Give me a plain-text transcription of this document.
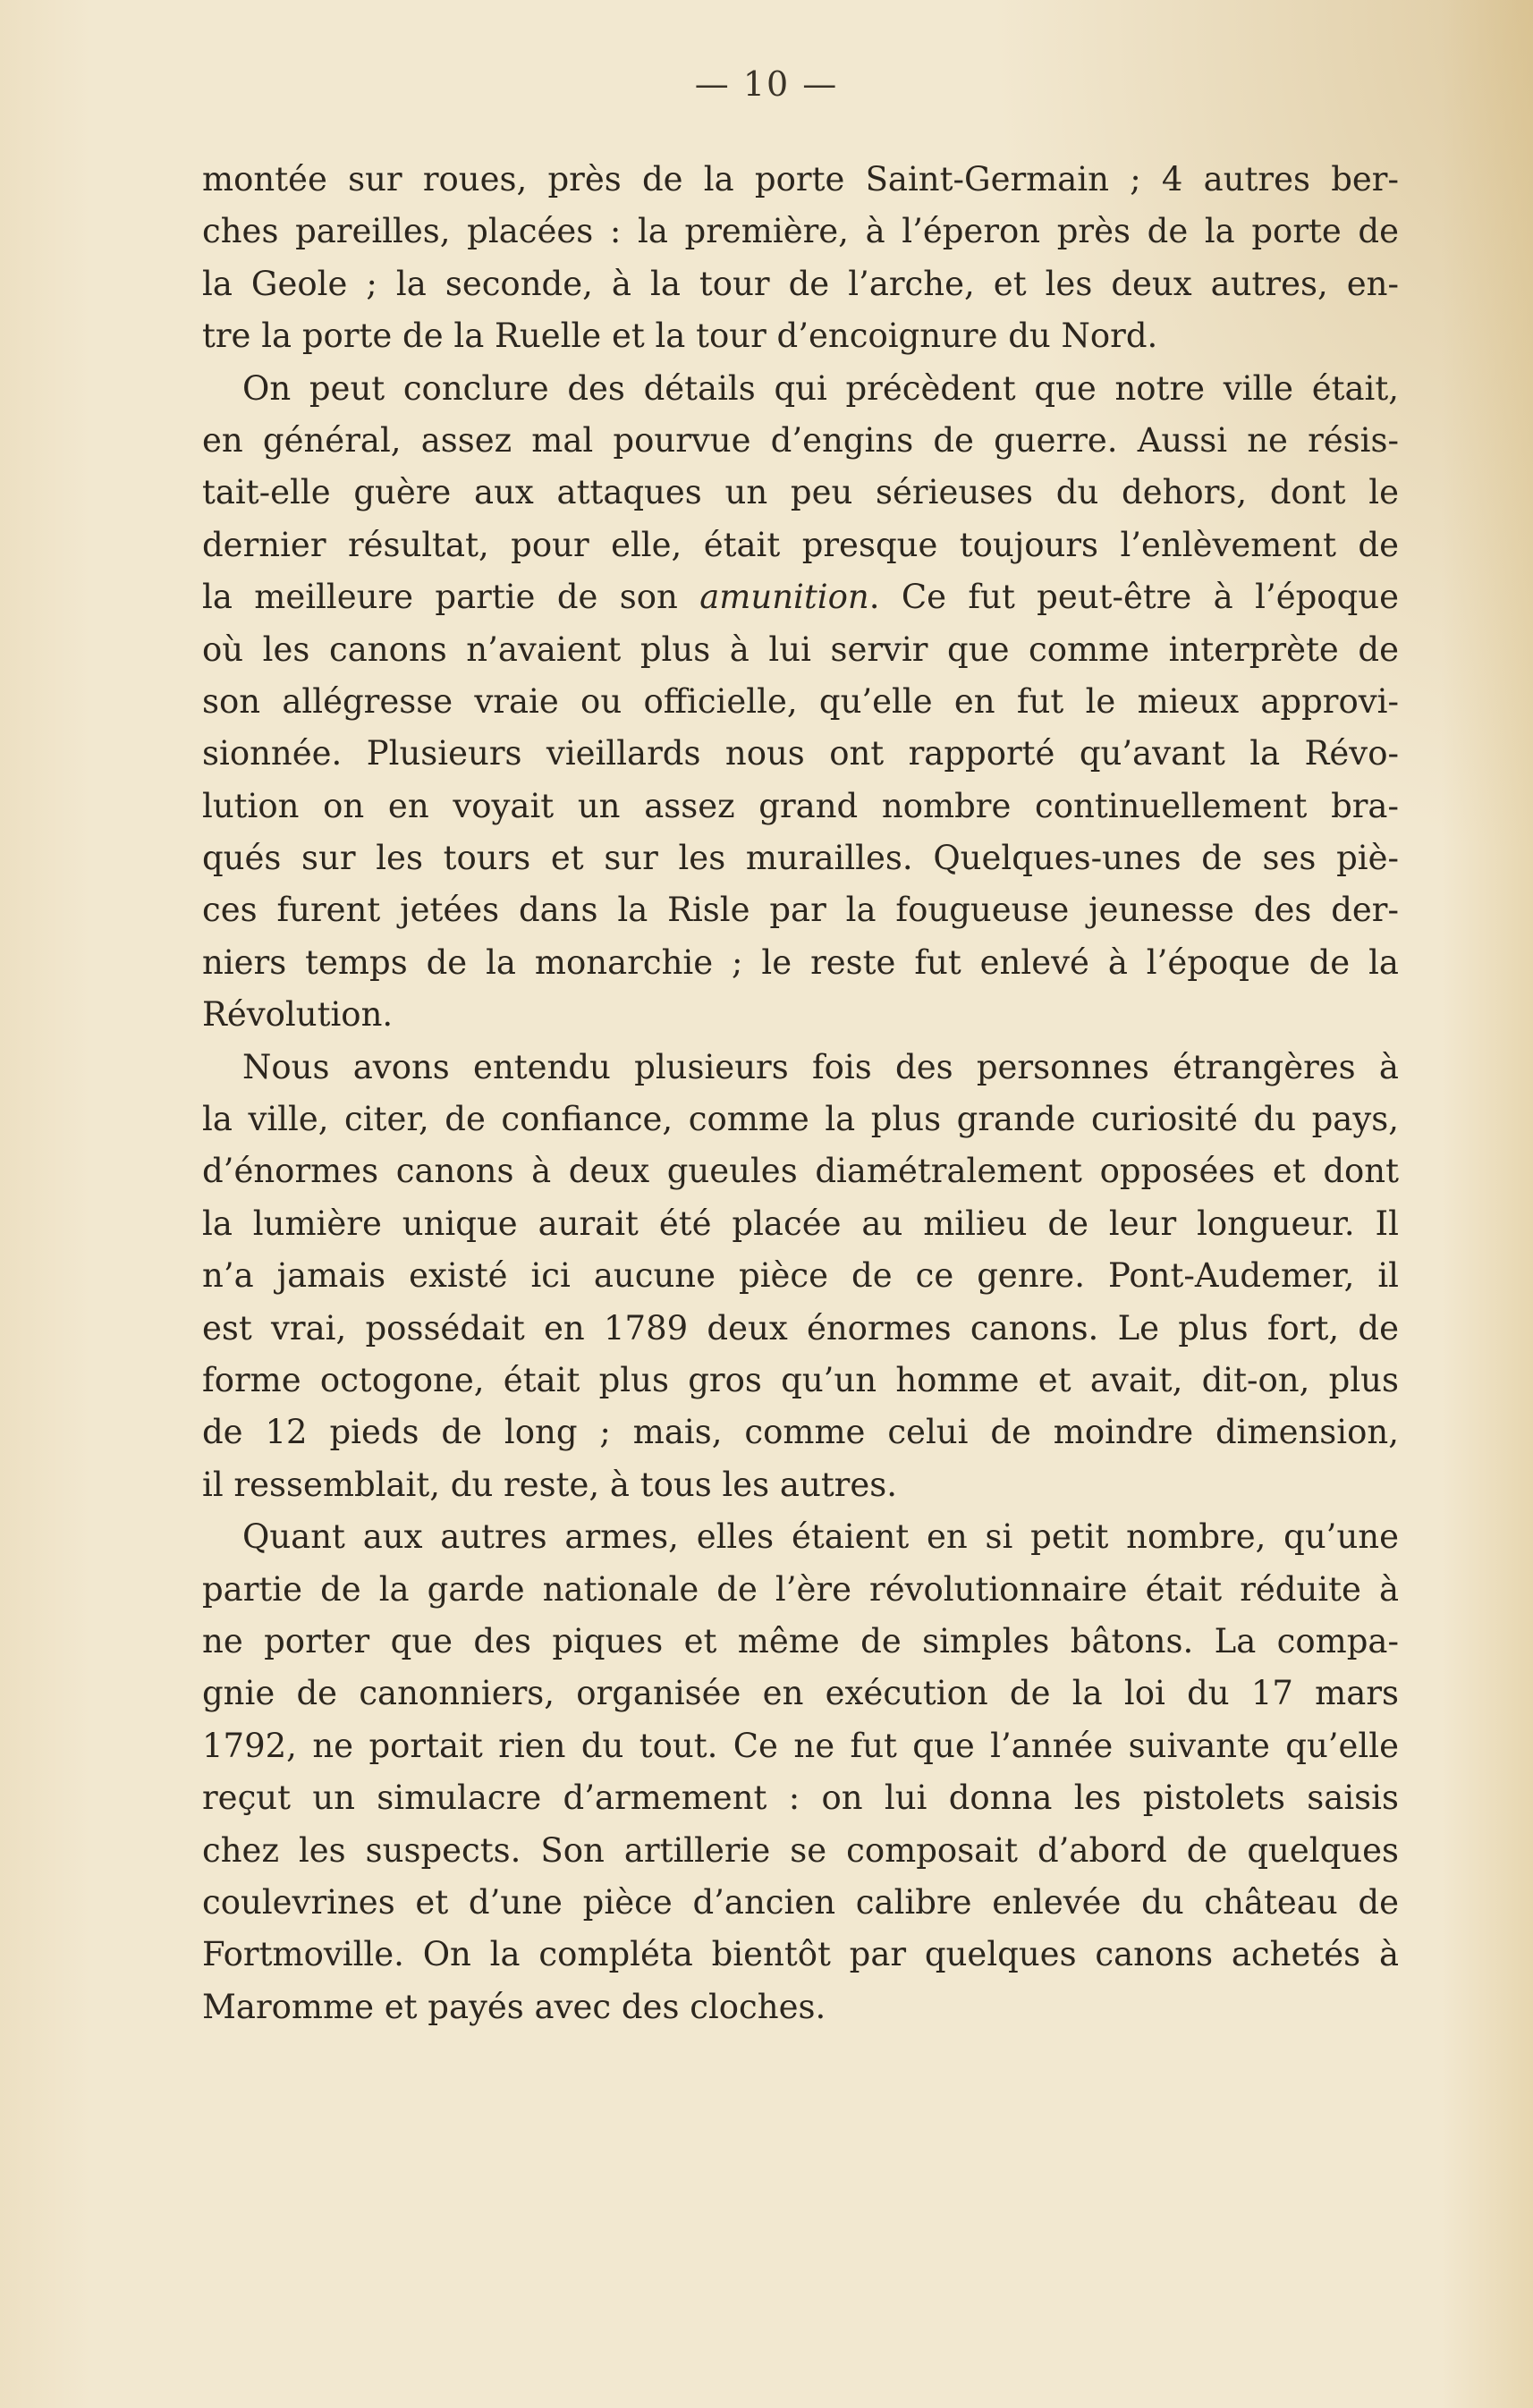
— 10 —
montée sur roues, près de la porte Saint-Germain ; 4 autres ber-
ches pareilles, placées : la première, à l’éperon près de la porte de
la Geole ; la seconde, à la tour de l’arche, et les deux autres, en-
tre la porte de la Ruelle et la tour d’encoignure du Nord.
On peut conclure des détails qui précèdent que notre ville était,
en général, assez mal pourvue d’engins de guerre. Aussi ne résis-
tait-elle guère aux attaques un peu sérieuses du dehors, dont le
dernier résultat, pour elle, était presque toujours l’enlèvement de
la meilleure partie de son amunition. Ce fut peut-être à l’époque
où les canons n’avaient plus à lui servir que comme interprète de
son allégresse vraie ou officielle, qu’elle en fut le mieux approvi-
sionnée. Plusieurs vieillards nous ont rapporté qu’avant la Révo-
lution on en voyait un assez grand nombre continuellement bra-
qués sur les tours et sur les murailles. Quelques-unes de ses piè-
ces furent jetées dans la Risle par la fougueuse jeunesse des der-
niers temps de la monarchie ; le reste fut enlevé à l’époque de la
Révolution.
Nous avons entendu plusieurs fois des personnes étrangères à
la ville, citer, de confiance, comme la plus grande curiosité du pays,
d’énormes canons à deux gueules diamétralement opposées et dont
la lumière unique aurait été placée au milieu de leur longueur. Il
n’a jamais existé ici aucune pièce de ce genre. Pont-Audemer, il
est vrai, possédait en 1789 deux énormes canons. Le plus fort, de
forme octogone, était plus gros qu’un homme et avait, dit-on, plus
de 12 pieds de long ; mais, comme celui de moindre dimension,
il ressemblait, du reste, à tous les autres.
Quant aux autres armes, elles étaient en si petit nombre, qu’une
partie de la garde nationale de l’ère révolutionnaire était réduite à
ne porter que des piques et même de simples bâtons. La compa-
gnie de canonniers, organisée en exécution de la loi du 17 mars
1792, ne portait rien du tout. Ce ne fut que l’année suivante qu’elle
reçut un simulacre d’armement : on lui donna les pistolets saisis
chez les suspects. Son artillerie se composait d’abord de quelques
coulevrines et d’une pièce d’ancien calibre enlevée du château de
Fortmoville. On la compléta bientôt par quelques canons achetés à
Maromme et payés avec des cloches.
